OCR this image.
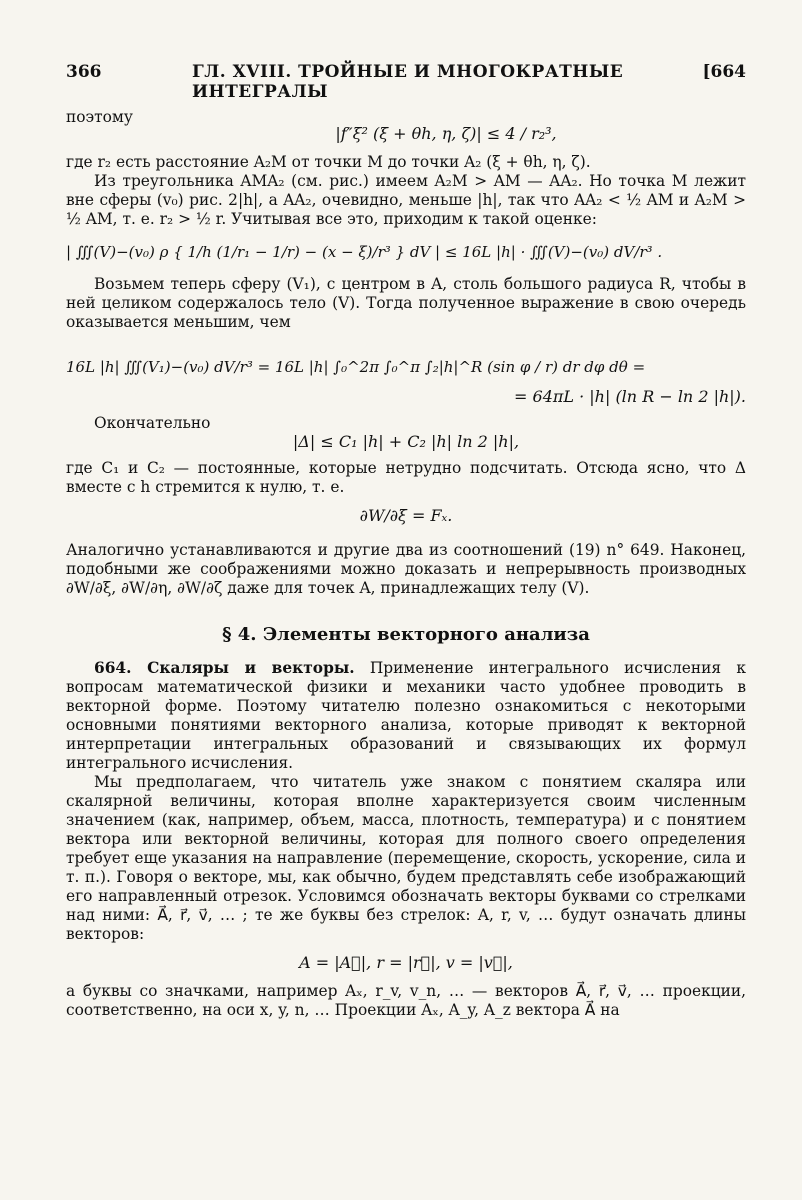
366	ГЛ. XVIII. ТРОЙНЫЕ И МНОГОКРАТНЫЕ ИНТЕГРАЛЫ
[664

поэтому

|f″ξ² (ξ + θh, η, ζ)| ≤ 4 / r₂³,

где r₂ есть расстояние A₂M от точки M до точки A₂ (ξ + θh, η, ζ).

Из треугольника AMA₂ (см. рис.) имеем A₂M > AM — AA₂. Но точка M лежит вне сферы (v₀) рис. 2|h|, а AA₂, очевидно, меньше |h|, так что AA₂ < ½ AM и A₂M > ½ AM, т. е. r₂ > ½ r. Учитывая все это, приходим к такой оценке:

| ∭(V)−(v₀) ρ { 1/h (1/r₁ − 1/r) − (x − ξ)/r³ } dV | ≤ 16L |h| · ∭(V)−(v₀) dV/r³ .

Возьмем теперь сферу (V₁), с центром в A, столь большого радиуса R, чтобы в ней целиком содержалось тело (V). Тогда полученное выражение в свою очередь оказывается меньшим, чем

16L |h| ∭(V₁)−(v₀) dV/r³ = 16L |h| ∫₀^2π ∫₀^π ∫₂|h|^R (sin φ / r) dr dφ dθ =
= 64πL · |h| (ln R − ln 2 |h|).

Окончательно

|Δ| ≤ C₁ |h| + C₂ |h| ln 2 |h|,

где C₁ и C₂ — постоянные, которые нетрудно подсчитать. Отсюда ясно, что Δ вместе с h стремится к нулю, т. е.

∂W/∂ξ = Fₓ.

Аналогично устанавливаются и другие два из соотношений (19) n° 649. Наконец, подобными же соображениями можно доказать и непрерывность производных ∂W/∂ξ, ∂W/∂η, ∂W/∂ζ даже для точек A, принадлежащих телу (V).

§ 4. Элементы векторного анализа

664. Скаляры и векторы. Применение интегрального исчисления к вопросам математической физики и механики часто удобнее проводить в векторной форме. Поэтому читателю полезно ознакомиться с некоторыми основными понятиями векторного анализа, которые приводят к векторной интерпретации интегральных образований и связывающих их формул интегрального исчисления.

Мы предполагаем, что читатель уже знаком с понятием скаляра или скалярной величины, которая вполне характеризуется своим численным значением (как, например, объем, масса, плотность, температура) и с понятием вектора или векторной величины, которая для полного своего определения требует еще указания на направление (перемещение, скорость, ускорение, сила и т. п.). Говоря о векторе, мы, как обычно, будем представлять себе изображающий его направленный отрезок. Условимся обозначать векторы буквами со стрелками над ними: A⃗, r⃗, v⃗, … ; те же буквы без стрелок: A, r, v, … будут означать длины векторов:

A = |A⃗|, r = |r⃗|, v = |v⃗|,

а буквы со значками, например Aₓ, r_v, v_n, … — векторов A⃗, r⃗, v⃗, … проекции, соответственно, на оси x, y, n, … Проекции Aₓ, A_y, A_z вектора A⃗ на
